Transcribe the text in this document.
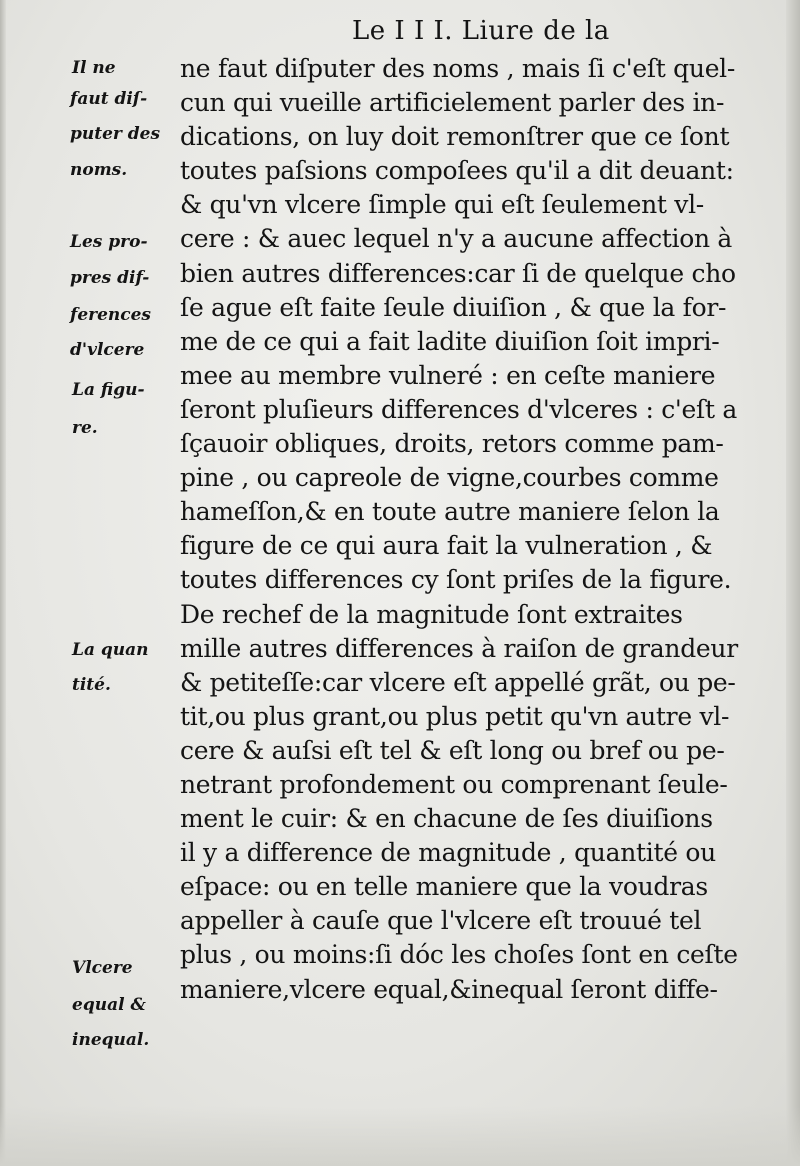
Le I I I. Liure de la
ne faut diſputer des noms , mais ſi c'eſt quel-
cun qui vueille artificielement parler des in-
dications, on luy doit remonſtrer que ce ſont
toutes paſsions compoſees qu'il a dit deuant:
& qu'vn vlcere ſimple qui eſt ſeulement vl-
cere : & auec lequel n'y a aucune affection à
bien autres differences:car ſi de quelque cho
ſe ague eſt faite ſeule diuiſion , & que la for-
me de ce qui a fait ladite diuiſion ſoit impri-
mee au membre vulneré : en ceſte maniere
ſeront pluſieurs differences d'vlceres : c'eſt a
ſçauoir obliques, droits, retors comme pam-
pine , ou capreole de vigne,courbes comme
hameſſon,& en toute autre maniere ſelon la
figure de ce qui aura fait la vulneration , &
toutes differences cy ſont priſes de la figure.
De rechef de la magnitude ſont extraites
mille autres differences à raiſon de grandeur
& petiteſſe:car vlcere eſt appellé grãt, ou pe-
tit,ou plus grant,ou plus petit qu'vn autre vl-
cere & auſsi eſt tel & eſt long ou bref ou pe-
netrant profondement ou comprenant ſeule-
ment le cuir: & en chacune de ſes diuiſions
il y a difference de magnitude , quantité ou
eſpace: ou en telle maniere que la voudras
appeller à cauſe que l'vlcere eſt trouué tel
plus , ou moins:ſi dóc les choſes ſont en ceſte
maniere,vlcere equal,&inequal ſeront diffe-
Il ne
faut diſ-
puter des
noms.
Les pro-
pres dif-
ferences
d'vlcere
La figu-
re.
La quan
tité.
Vlcere
equal &
inequal.
